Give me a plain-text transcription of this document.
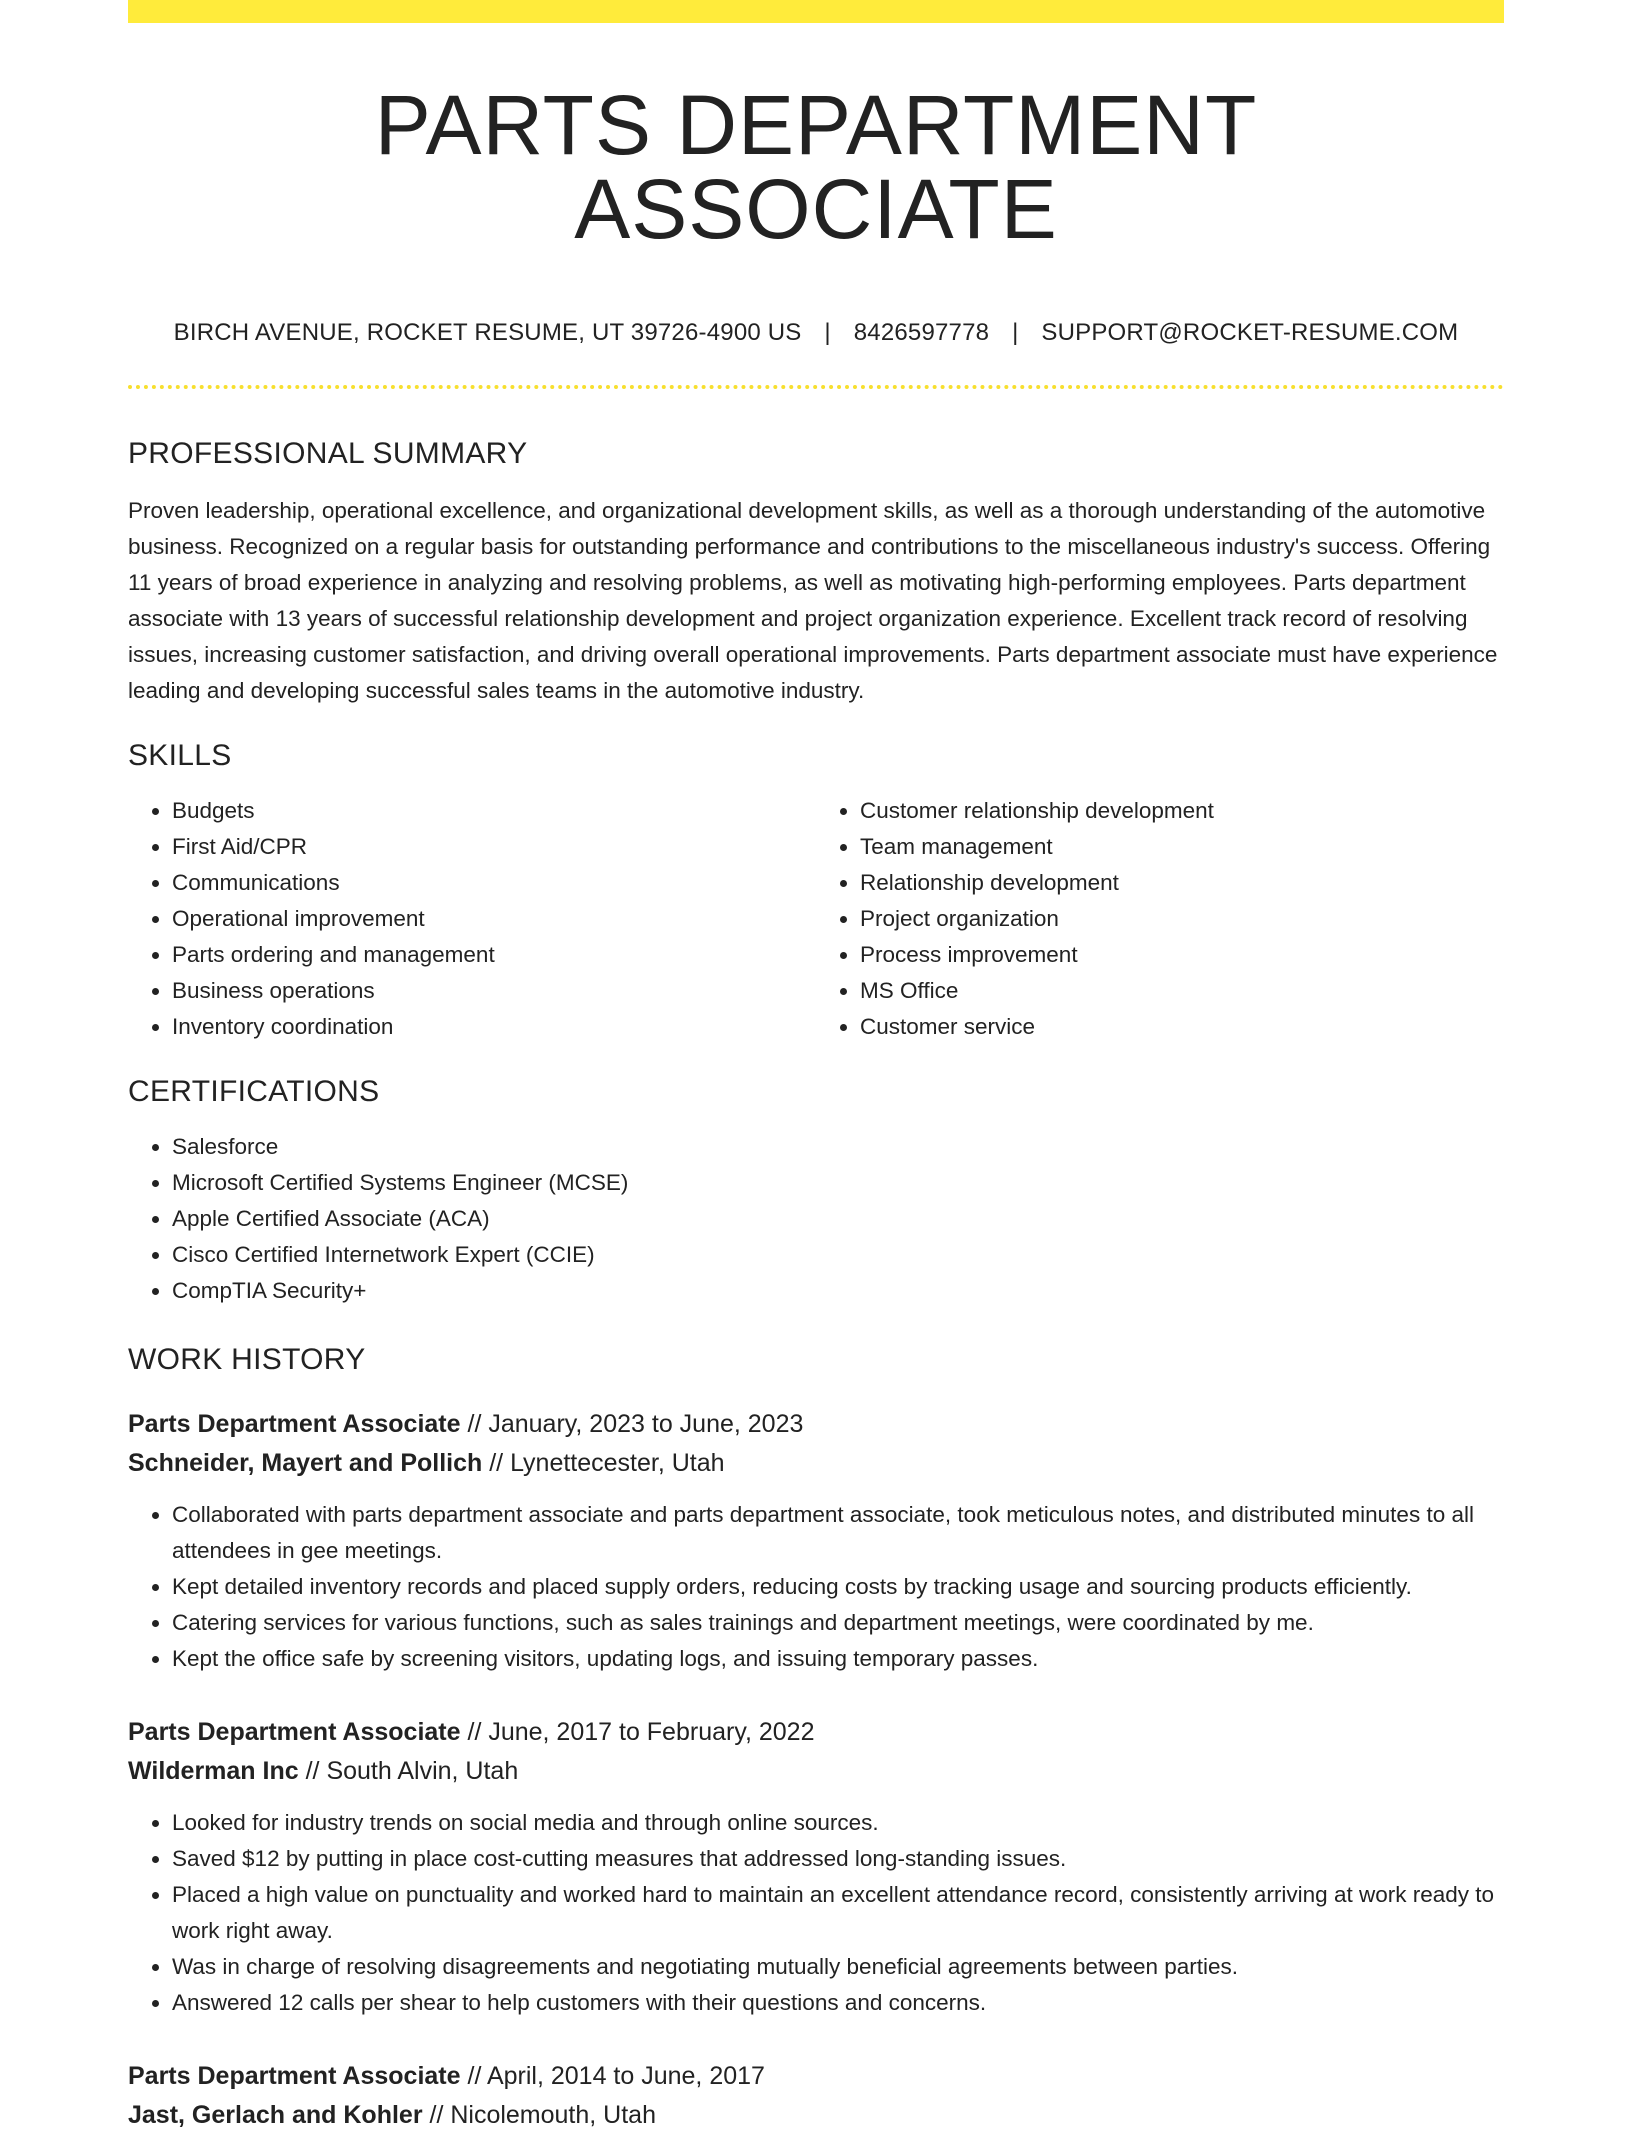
PARTS DEPARTMENT ASSOCIATE
BIRCH AVENUE, ROCKET RESUME, UT 39726-4900 US | 8426597778 | SUPPORT@ROCKET-RESUME.COM
PROFESSIONAL SUMMARY

Proven leadership, operational excellence, and organizational development skills, as well as a thorough understanding of the automotive business. Recognized on a regular basis for outstanding performance and contributions to the miscellaneous industry's success. Offering 11 years of broad experience in analyzing and resolving problems, as well as motivating high-performing employees. Parts department associate with 13 years of successful relationship development and project organization experience. Excellent track record of resolving issues, increasing customer satisfaction, and driving overall operational improvements. Parts department associate must have experience leading and developing successful sales teams in the automotive industry.

SKILLS
• Budgets
• First Aid/CPR
• Communications
• Operational improvement
• Parts ordering and management
• Business operations
• Inventory coordination
• Customer relationship development
• Team management
• Relationship development
• Project organization
• Process improvement
• MS Office
• Customer service
CERTIFICATIONS
• Salesforce
• Microsoft Certified Systems Engineer (MCSE)
• Apple Certified Associate (ACA)
• Cisco Certified Internetwork Expert (CCIE)
• CompTIA Security+
WORK HISTORY
Parts Department Associate // January, 2023 to June, 2023
Schneider, Mayert and Pollich // Lynettecester, Utah
• Collaborated with parts department associate and parts department associate, took meticulous notes, and distributed minutes to all attendees in gee meetings.
• Kept detailed inventory records and placed supply orders, reducing costs by tracking usage and sourcing products efficiently.
• Catering services for various functions, such as sales trainings and department meetings, were coordinated by me.
• Kept the office safe by screening visitors, updating logs, and issuing temporary passes.
Parts Department Associate // June, 2017 to February, 2022
Wilderman Inc // South Alvin, Utah
• Looked for industry trends on social media and through online sources.
• Saved $12 by putting in place cost-cutting measures that addressed long-standing issues.
• Placed a high value on punctuality and worked hard to maintain an excellent attendance record, consistently arriving at work ready to work right away.
• Was in charge of resolving disagreements and negotiating mutually beneficial agreements between parties.
• Answered 12 calls per shear to help customers with their questions and concerns.
Parts Department Associate // April, 2014 to June, 2017
Jast, Gerlach and Kohler // Nicolemouth, Utah
